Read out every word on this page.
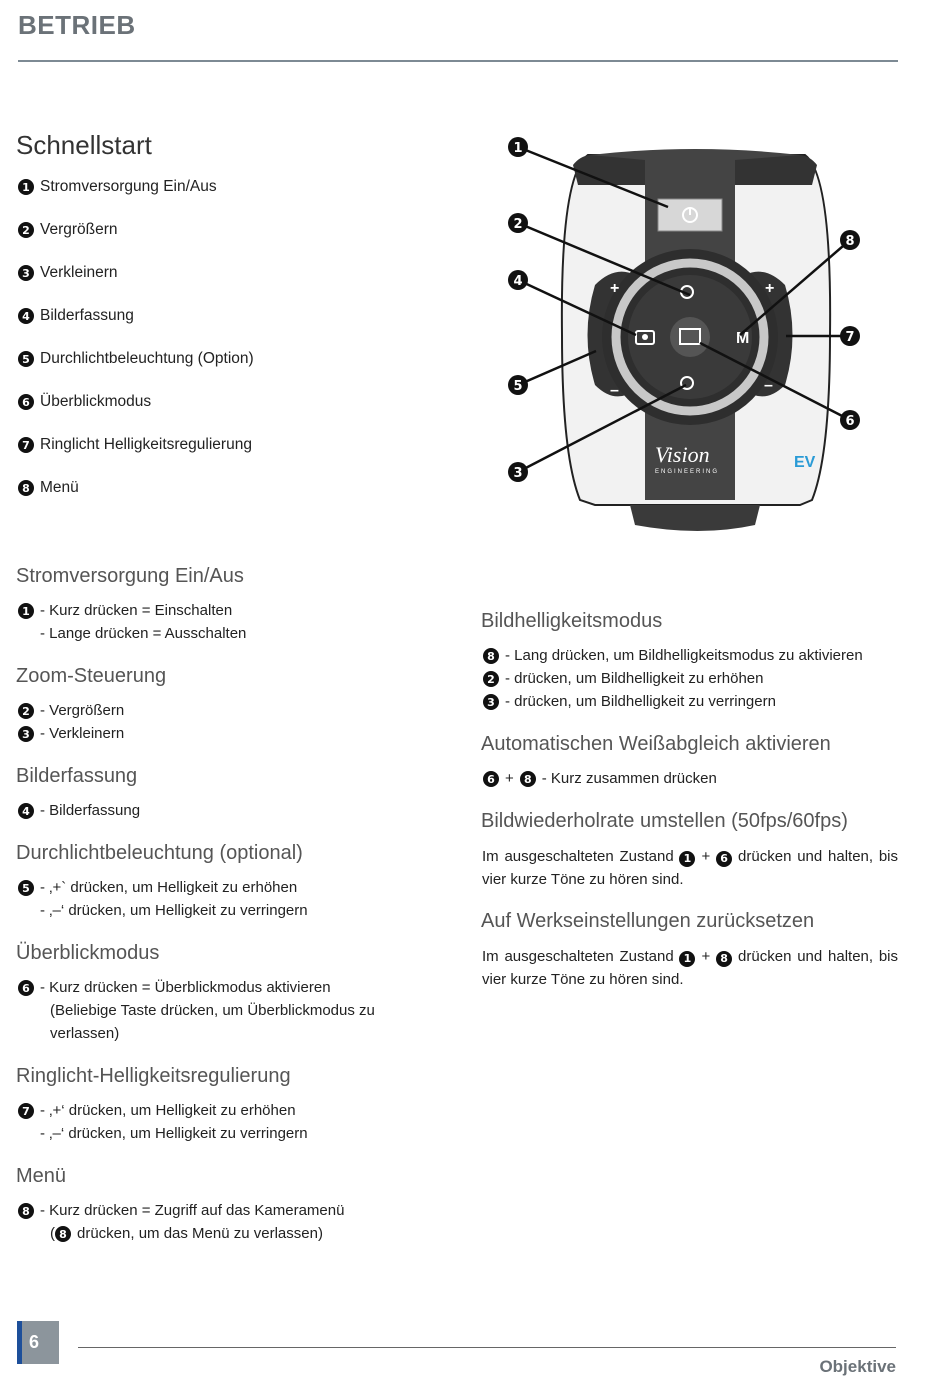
BETRIEB
Schnellstart
1 Stromversorgung Ein/Aus
2 Vergrößern
3 Verkleinern
4 Bilderfassung
5 Durchlichtbeleuchtung (Option)
6 Überblickmodus
7 Ringlicht Helligkeitsregulierung
8 Menü
M
+	+
–	–
Vision
ENGINEERING
EV
1
2
3
4
5
6
7
8
Stromversorgung Ein/Aus
1 - Kurz drücken = Einschalten
- Lange drücken = Ausschalten
Zoom-Steuerung
2 - Vergrößern
3 - Verkleinern
Bilderfassung
4 - Bilderfassung
Durchlichtbeleuchtung (optional)
5 - ‚+` drücken, um Helligkeit zu erhöhen
- ‚–‘ drücken, um Helligkeit zu verringern
Überblickmodus
6 - Kurz drücken = Überblickmodus aktivieren
(Beliebige Taste drücken, um Überblickmodus zu
verlassen)
Ringlicht-Helligkeitsregulierung
7 - ‚+‘ drücken, um Helligkeit zu erhöhen
- ‚–‘ drücken, um Helligkeit zu verringern
Menü
8 - Kurz drücken = Zugriff auf das Kameramenü
( 8 drücken, um das Menü zu verlassen)
Bildhelligkeitsmodus
8 - Lang drücken, um Bildhelligkeitsmodus zu aktivieren
2 - drücken, um Bildhelligkeit zu erhöhen
3 - drücken, um Bildhelligkeit zu verringern
Automatischen Weißabgleich aktivieren
6 + 8 - Kurz zusammen drücken
Bildwiederholrate umstellen (50fps/60fps)
Im ausgeschalteten Zustand 1 + 6 drücken und halten, bis vier kurze Töne zu hören sind.
Auf Werkseinstellungen zurücksetzen
Im ausgeschalteten Zustand 1 + 8 drücken und halten, bis vier kurze Töne zu hören sind.
6
Objektive
